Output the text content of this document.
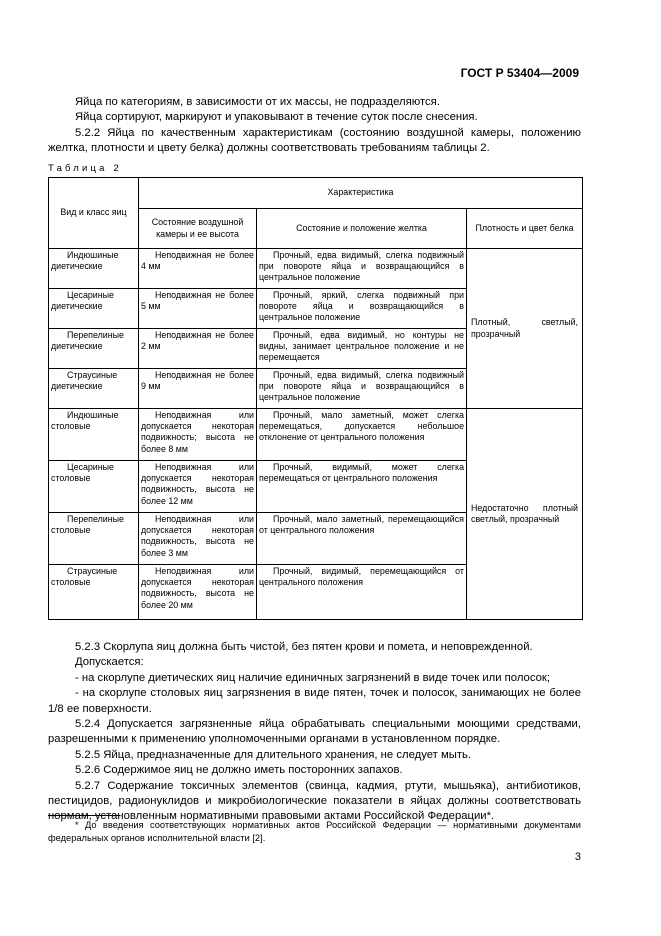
ГОСТ Р 53404—2009

Яйца по категориям, в зависимости от их массы, не подразделяются.

Яйца сортируют, маркируют и упаковывают в течение суток после снесения.

5.2.2 Яйца по качественным характеристикам (состоянию воздушной камеры, положению желтка, плотности и цвету белка) должны соответствовать требованиям таблицы 2.

Таблица 2
Вид и класс яиц	Характеристика		
	Состояние воздушной камеры и ее высота	Состояние и положение желтка	Плотность и цвет белка

Индюшиные
диетические	Неподвижная не более 4 мм	Прочный, едва видимый, слегка подвижный при повороте яйца и возвращающийся в центральное положение	Плотный, светлый, прозрачный

Цесариные
диетические	Неподвижная не более 5 мм	Прочный, яркий, слегка подвижный при повороте яйца и возвращающийся в центральное положение	

Перепелиные
диетические	Неподвижная не более 2 мм	Прочный, едва видимый, но контуры не видны, занимает центральное положение и не перемещается	

Страусиные
диетические	Неподвижная не более 9 мм	Прочный, едва видимый, слегка подвижный при повороте яйца и возвращающийся в центральное положение	

Индюшиные
столовые	Неподвижная или допускается некоторая подвижность; высота не более 8 мм	Прочный, мало заметный, может слегка перемещаться, допускается небольшое отклонение от центрального положения	Недостаточно плотный светлый, прозрачный

Цесариные
столовые	Неподвижная или допускается некоторая подвижность, высота не более 12 мм	Прочный, видимый, может слегка перемещаться от центрального положения	

Перепелиные
столовые	Неподвижная или допускается некоторая подвижность, высота не более 3 мм	Прочный, мало заметный, перемещающийся от центрального положения	

Страусиные
столовые	Неподвижная или допускается некоторая подвижность, высота не более 20 мм	Прочный, видимый, перемещающийся от центрального положения	

5.2.3 Скорлупа яиц должна быть чистой, без пятен крови и помета, и неповрежденной.

Допускается:

- на скорлупе диетических яиц наличие единичных загрязнений в виде точек или полосок;

- на скорлупе столовых яиц загрязнения в виде пятен, точек и полосок, занимающих не более 1/8 ее поверхности.

5.2.4 Допускается загрязненные яйца обрабатывать специальными моющими средствами, разрешенными к применению уполномоченными органами в установленном порядке.

5.2.5 Яйца, предназначенные для длительного хранения, не следует мыть.

5.2.6 Содержимое яиц не должно иметь посторонних запахов.

5.2.7 Содержание токсичных элементов (свинца, кадмия, ртути, мышьяка), антибиотиков, пестицидов, радионуклидов и микробиологические показатели в яйцах должны соответствовать нормам, установленным нормативными правовыми актами Российской Федерации*.

* До введения соответствующих нормативных актов Российской Федерации — нормативными документами федеральных органов исполнительной власти [2].

3
